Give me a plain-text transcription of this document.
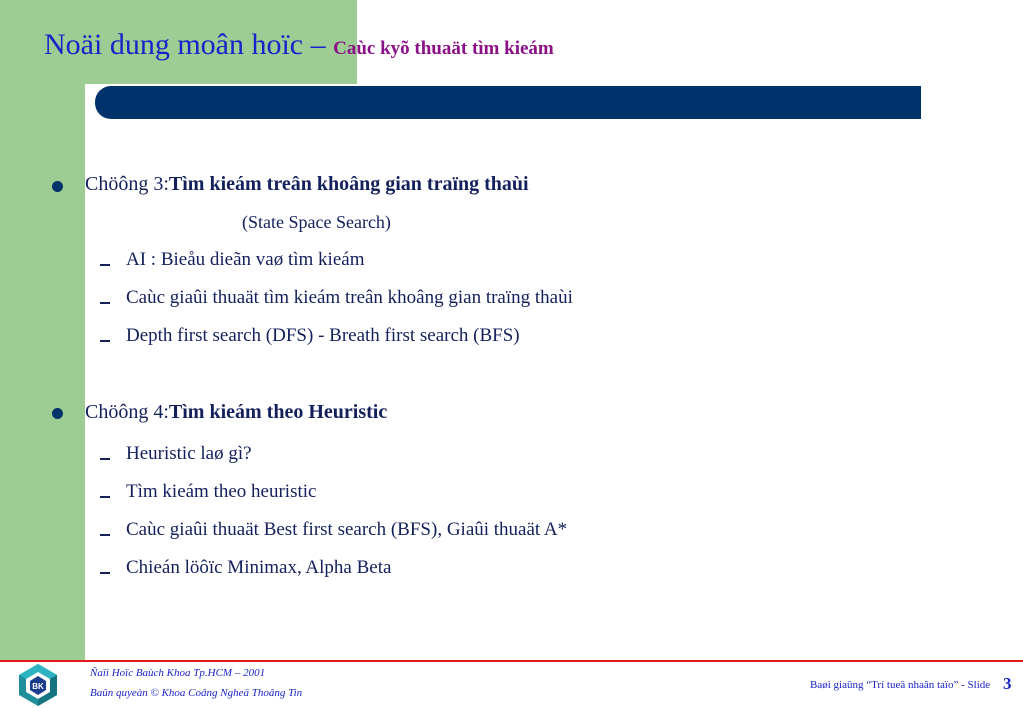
Noäi dung moân hoïc – Caùc kyõ thuaät tìm kieám
Chöông 3:Tìm kieám treân khoâng gian traïng thaùi
(State Space Search)
AI : Bieåu dieãn vaø tìm kieám
Caùc giaûi thuaät tìm kieám treân khoâng gian traïng thaùi
Depth first search (DFS) - Breath first search (BFS)
Chöông 4:Tìm kieám theo Heuristic
Heuristic laø gì?
Tìm kieám theo heuristic
Caùc giaûi thuaät Best first search (BFS), Giaûi thuaät A*
Chieán löôïc Minimax, Alpha Beta
BK
Ñaïi Hoïc Baùch Khoa Tp.HCM – 2001
Baûn quyeàn © Khoa Coâng Ngheä Thoâng Tin
Baøi giaûng “Trí tueä nhaân taïo” - Slide 3
